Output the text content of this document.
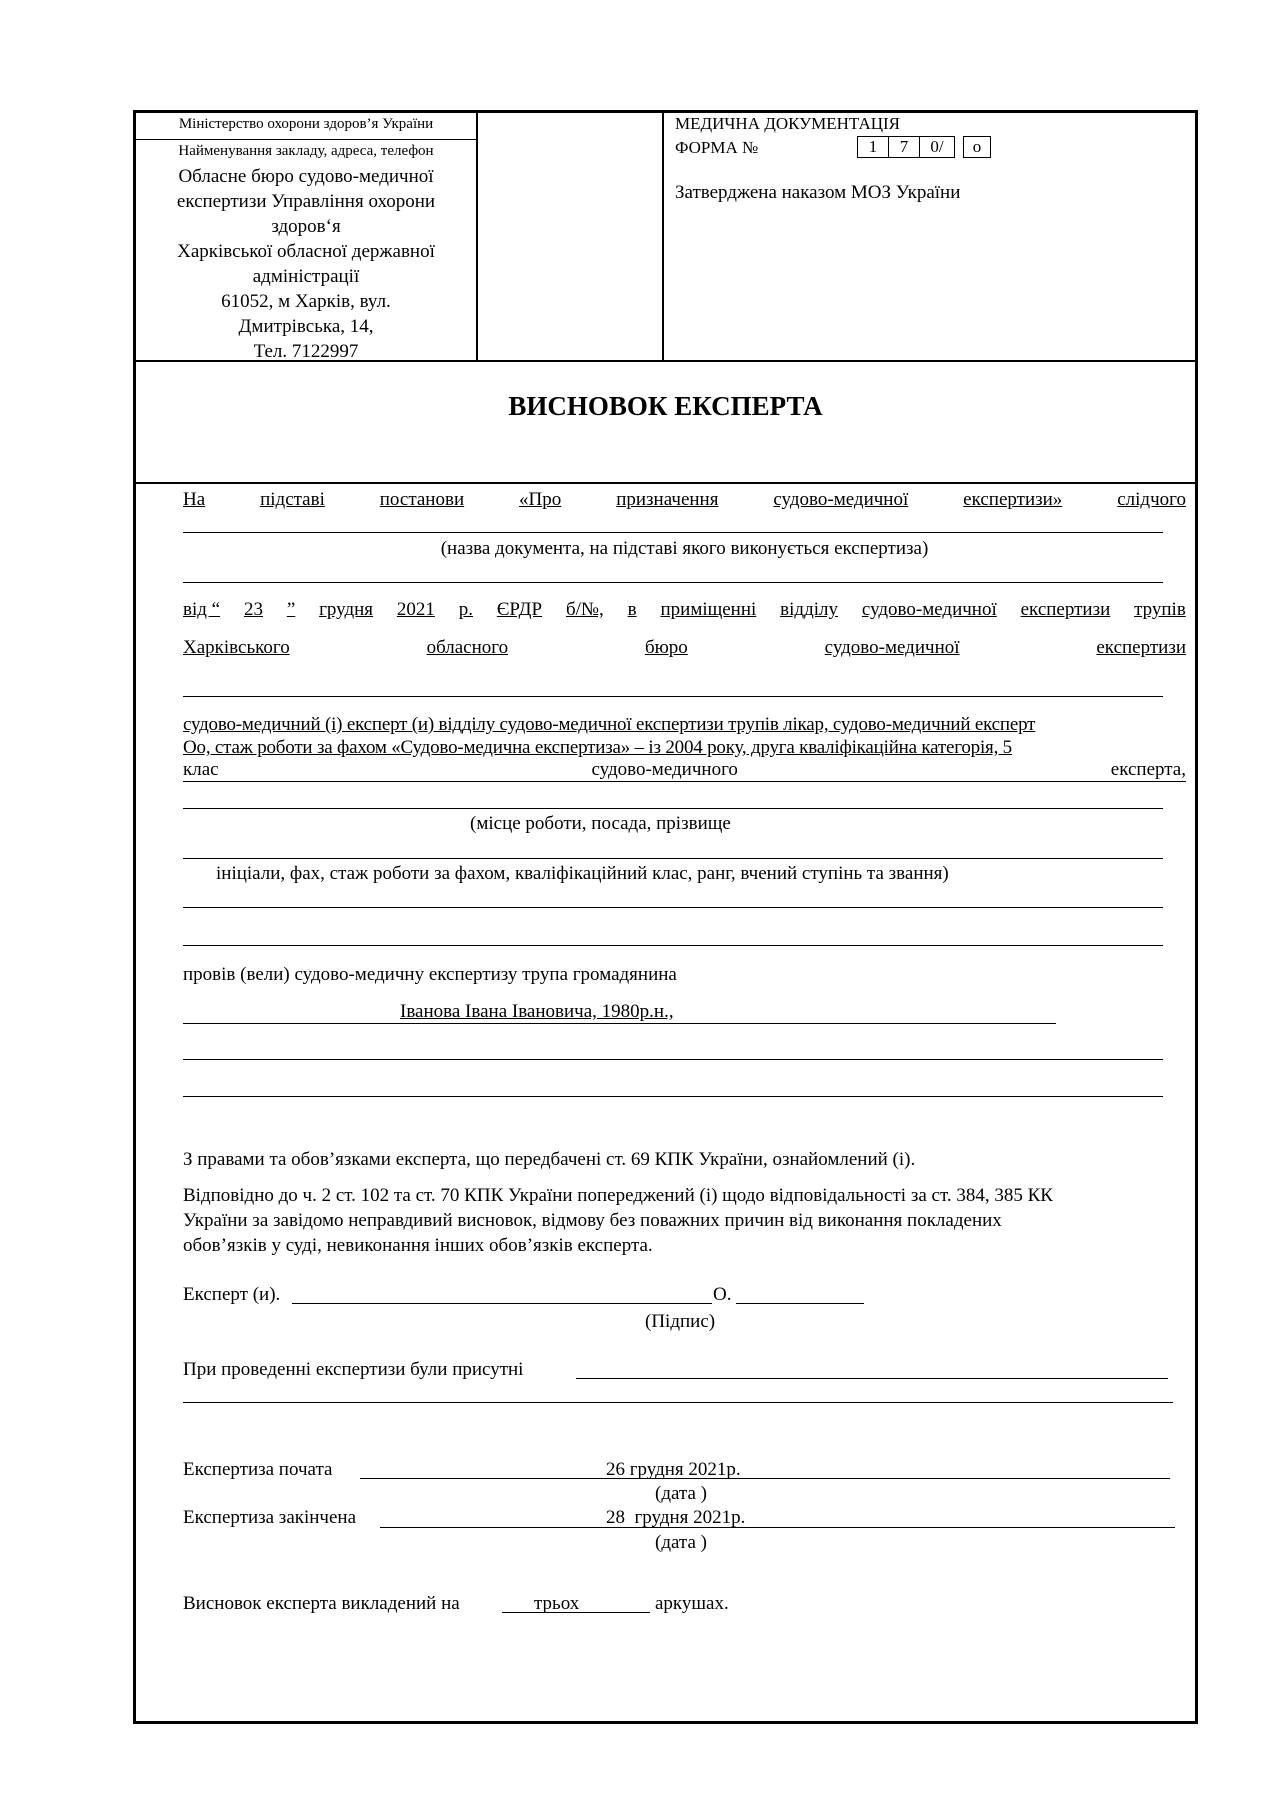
Міністерство охорони здоров’я України
Найменування закладу, адреса, телефон
Обласне бюро судово-медичної
експертизи Управління охорони
здоров‘я
Харківської обласної державної
адміністрації
61052, м Харків, вул.
Дмитрівська, 14,
Тел. 7122997
МЕДИЧНА ДОКУМЕНТАЦІЯ
ФОРМА №	1 7 0/ о
Затверджена наказом МОЗ України
ВИСНОВОК ЕКСПЕРТА
На	підставі	постанови	«Про	призначення	судово-медичної	експертизи»	слідчого
(назва документа, на підставі якого виконується експертиза)
від “ 23 ” грудня 2021 р. ЄРДР б/№, в приміщенні відділу судово-медичної експертизи трупів
Харківського	обласного	бюро	судово-медичної	експертизи
судово-медичний (і) експерт (и) відділу судово-медичної експертизи трупів лікар, судово-медичний експерт
Оо, стаж роботи за фахом «Судово-медична експертиза» – із 2004 року, друга кваліфікаційна категорія, 5
клас	судово-медичного	експерта,
(місце роботи, посада, прізвище
ініціали, фах, стаж роботи за фахом, кваліфікаційний клас, ранг, вчений ступінь та звання)
провів (вели) судово-медичну експертизу трупа громадянина
Іванова Івана Івановича, 1980р.н.,

З правами та обов’язками експерта, що передбачені ст. 69 КПК України, ознайомлений (і).
Відповідно до ч. 2 ст. 102 та ст. 70 КПК України попереджений (і) щодо відповідальності за ст. 384, 385 КК
України за завідомо неправдивий висновок, відмову без поважних причин від виконання покладених
обов’язків у суді, невиконання інших обов’язків експерта.
Експерт (и).	О.
(Підпис)
При проведенні експертизи були присутні
Експертиза почата	26 грудня 2021р.
(дата )
Експертиза закінчена	28  грудня 2021р.
(дата )
Висновок експерта викладений на	трьох	аркушах.
